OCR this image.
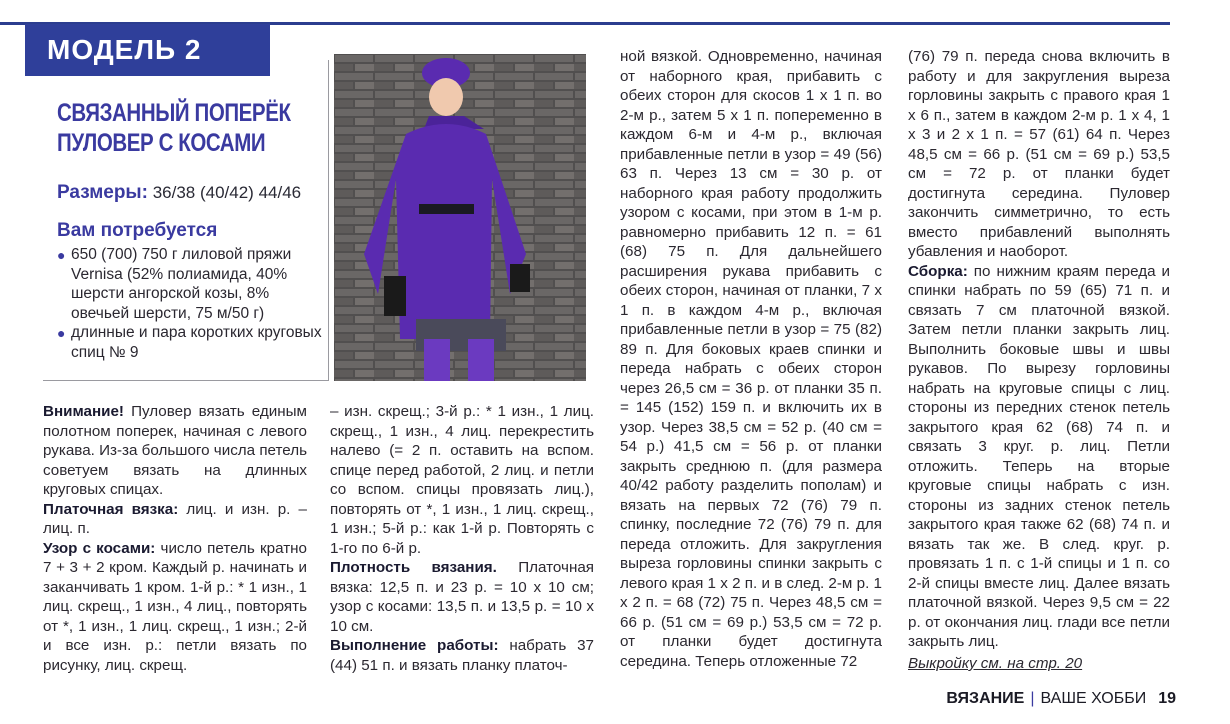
МОДЕЛЬ 2
СВЯЗАННЫЙ ПОПЕРЁК ПУЛОВЕР С КОСАМИ
Размеры: 36/38 (40/42) 44/46
Вам потребуется
● 650 (700) 750 г лиловой пряжи Vernisa (52% полиамида, 40% шерсти ангорской козы, 8% овечьей шерсти, 75 м/50 г)
● длинные и пара коротких круговых спиц № 9
Внимание! Пуловер вязать единым полотном поперек, начиная с левого рукава. Из-за большого числа петель советуем вязать на длинных круговых спицах.
Платочная вязка: лиц. и изн. р. – лиц. п.
Узор с косами: число петель кратно 7 + 3 + 2 кром. Каждый р. начинать и заканчивать 1 кром. 1-й р.: * 1 изн., 1 лиц. скрещ., 1 изн., 4 лиц., повторять от *, 1 изн., 1 лиц. скрещ., 1 изн.; 2-й и все изн. р.: петли вязать по рисунку, лиц. скрещ.
– изн. скрещ.; 3-й р.: * 1 изн., 1 лиц. скрещ., 1 изн., 4 лиц. перекрестить налево (= 2 п. оставить на вспом. спице перед работой, 2 лиц. и петли со вспом. спицы провязать лиц.), повторять от *, 1 изн., 1 лиц. скрещ., 1 изн.; 5-й р.: как 1-й р. Повторять с 1-го по 6-й р.
Плотность вязания. Платочная вязка: 12,5 п. и 23 р. = 10 x 10 см; узор с косами: 13,5 п. и 13,5 р. = 10 x 10 см.
Выполнение работы: набрать 37 (44) 51 п. и вязать планку платоч-
ной вязкой. Одновременно, начиная от наборного края, прибавить с обеих сторон для скосов 1 x 1 п. во 2-м р., затем 5 x 1 п. попеременно в каждом 6-м и 4-м р., включая прибавленные петли в узор = 49 (56) 63 п. Через 13 см = 30 р. от наборного края работу продолжить узором с косами, при этом в 1-м р. равномерно прибавить 12 п. = 61 (68) 75 п. Для дальнейшего расширения рукава прибавить с обеих сторон, начиная от планки, 7 x 1 п. в каждом 4-м р., включая прибавленные петли в узор = 75 (82) 89 п. Для боковых краев спинки и переда набрать с обеих сторон через 26,5 см = 36 р. от планки 35 п. = 145 (152) 159 п. и включить их в узор. Через 38,5 см = 52 р. (40 см = 54 р.) 41,5 см = 56 р. от планки закрыть среднюю п. (для размера 40/42 работу разделить пополам) и вязать на первых 72 (76) 79 п. спинку, последние 72 (76) 79 п. для переда отложить. Для закругления выреза горловины спинки закрыть с левого края 1 x 2 п. и в след. 2-м р. 1 x 2 п. = 68 (72) 75 п. Через 48,5 см = 66 р. (51 см = 69 р.) 53,5 см = 72 р. от планки будет достигнута середина. Теперь отложенные 72
(76) 79 п. переда снова включить в работу и для закругления выреза горловины закрыть с правого края 1 x 6 п., затем в каждом 2-м р. 1 x 4, 1 x 3 и 2 x 1 п. = 57 (61) 64 п. Через 48,5 см = 66 р. (51 см = 69 р.) 53,5 см = 72 р. от планки будет достигнута середина. Пуловер закончить симметрично, то есть вместо прибавлений выполнять убавления и наоборот.
Сборка: по нижним краям переда и спинки набрать по 59 (65) 71 п. и связать 7 см платочной вязкой. Затем петли планки закрыть лиц. Выполнить боковые швы и швы рукавов. По вырезу горловины набрать на круговые спицы с лиц. стороны из передних стенок петель закрытого края 62 (68) 74 п. и связать 3 круг. р. лиц. Петли отложить. Теперь на вторые круговые спицы набрать с изн. стороны из задних стенок петель закрытого края также 62 (68) 74 п. и вязать так же. В след. круг. р. провязать 1 п. с 1-й спицы и 1 п. со 2-й спицы вместе лиц. Далее вязать платочной вязкой. Через 9,5 см = 22 р. от окончания лиц. глади все петли закрыть лиц.
Выкройку см. на стр. 20
ВЯЗАНИЕ | ВАШЕ ХОББИ 19
